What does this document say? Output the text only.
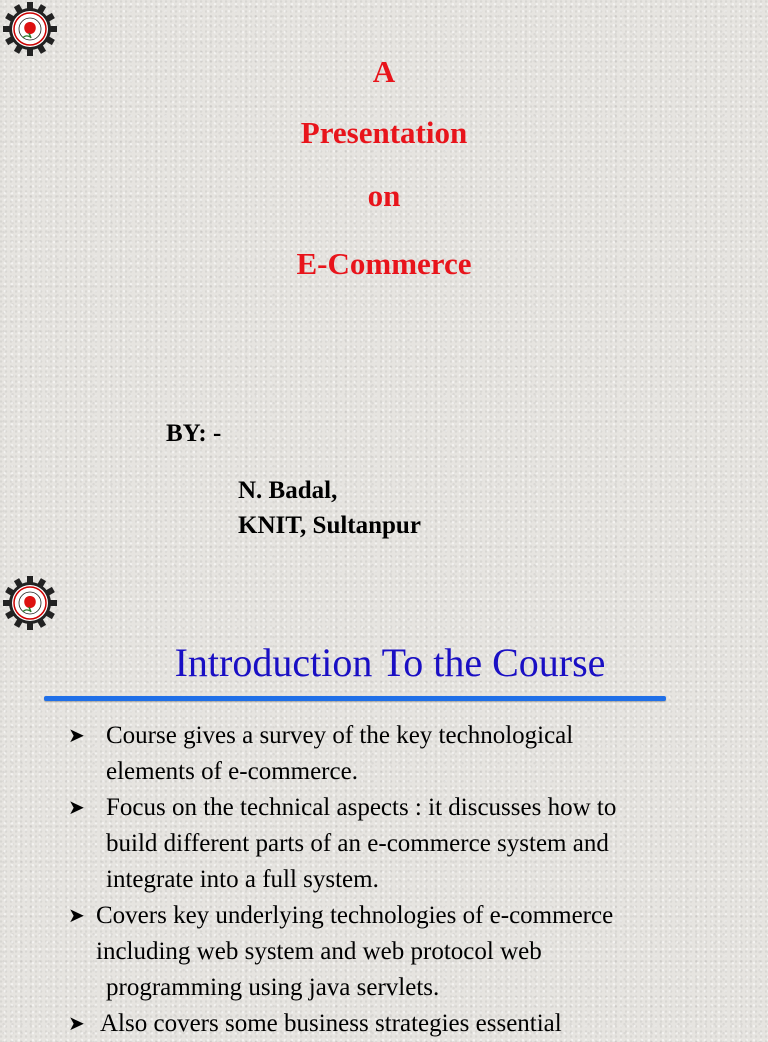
A
Presentation
on
E-Commerce
BY: -
N. Badal,
KNIT, Sultanpur
Introduction To the Course
➤ Course gives a survey of the key technological
elements of e-commerce.
➤ Focus on the technical aspects : it discusses how to
build different parts of an e-commerce system and
integrate into a full system.
➤ Covers key underlying technologies of e-commerce
including web system and web protocol web
programming using java servlets.
➤ Also covers some business strategies essential
